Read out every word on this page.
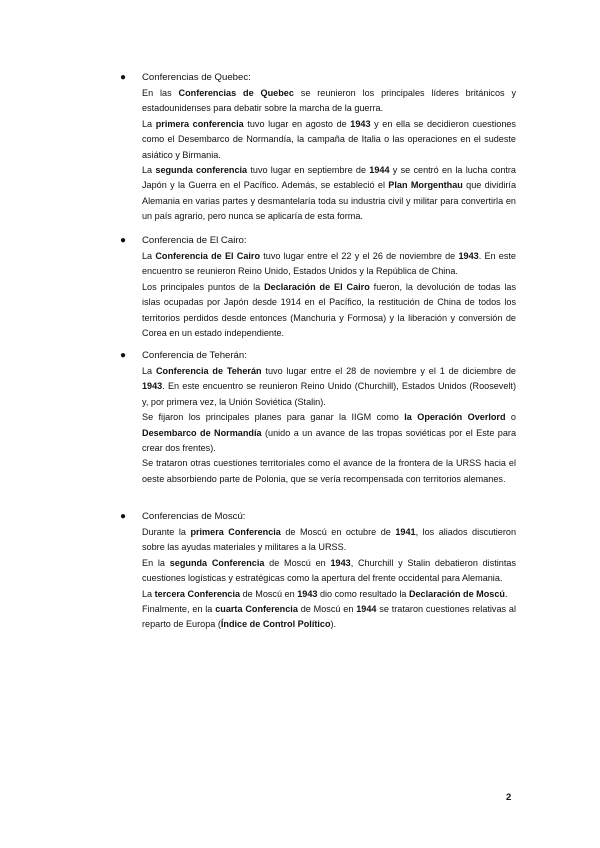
●	Conferencias de Quebec:

En las Conferencias de Quebec se reunieron los principales líderes británicos y estadounidenses para debatir sobre la marcha de la guerra.

La primera conferencia tuvo lugar en agosto de 1943 y en ella se decidieron cuestiones como el Desembarco de Normandía, la campaña de Italia o las operaciones en el sudeste asiático y Birmania.

La segunda conferencia tuvo lugar en septiembre de 1944 y se centró en la lucha contra Japón y la Guerra en el Pacífico. Además, se estableció el Plan Morgenthau que dividiría Alemania en varias partes y desmantelaría toda su industria civil y militar para convertirla en un país agrario, pero nunca se aplicaría de esta forma.

●	Conferencia de El Cairo:

La Conferencia de El Cairo tuvo lugar entre el 22 y el 26 de noviembre de 1943. En este encuentro se reunieron Reino Unido, Estados Unidos y la República de China.

Los principales puntos de la Declaración de El Cairo fueron, la devolución de todas las islas ocupadas por Japón desde 1914 en el Pacífico, la restitución de China de todos los territorios perdidos desde entonces (Manchuria y Formosa) y la liberación y conversión de Corea en un estado independiente.

●	Conferencia de Teherán:

La Conferencia de Teherán tuvo lugar entre el 28 de noviembre y el 1 de diciembre de 1943. En este encuentro se reunieron Reino Unido (Churchill), Estados Unidos (Roosevelt) y, por primera vez, la Unión Soviética (Stalin).

Se fijaron los principales planes para ganar la IIGM como la Operación Overlord o Desembarco de Normandía (unido a un avance de las tropas soviéticas por el Este para crear dos frentes).

Se trataron otras cuestiones territoriales como el avance de la frontera de la URSS hacia el oeste absorbiendo parte de Polonia, que se vería recompensada con territorios alemanes.

●	Conferencias de Moscú:

Durante la primera Conferencia de Moscú en octubre de 1941, los aliados discutieron sobre las ayudas materiales y militares a la URSS.

En la segunda Conferencia de Moscú en 1943, Churchill y Stalin debatieron distintas cuestiones logísticas y estratégicas como la apertura del frente occidental para Alemania.

La tercera Conferencia de Moscú en 1943 dio como resultado la Declaración de Moscú.

Finalmente, en la cuarta Conferencia de Moscú en 1944 se trataron cuestiones relativas al reparto de Europa (Índice de Control Político).

2
